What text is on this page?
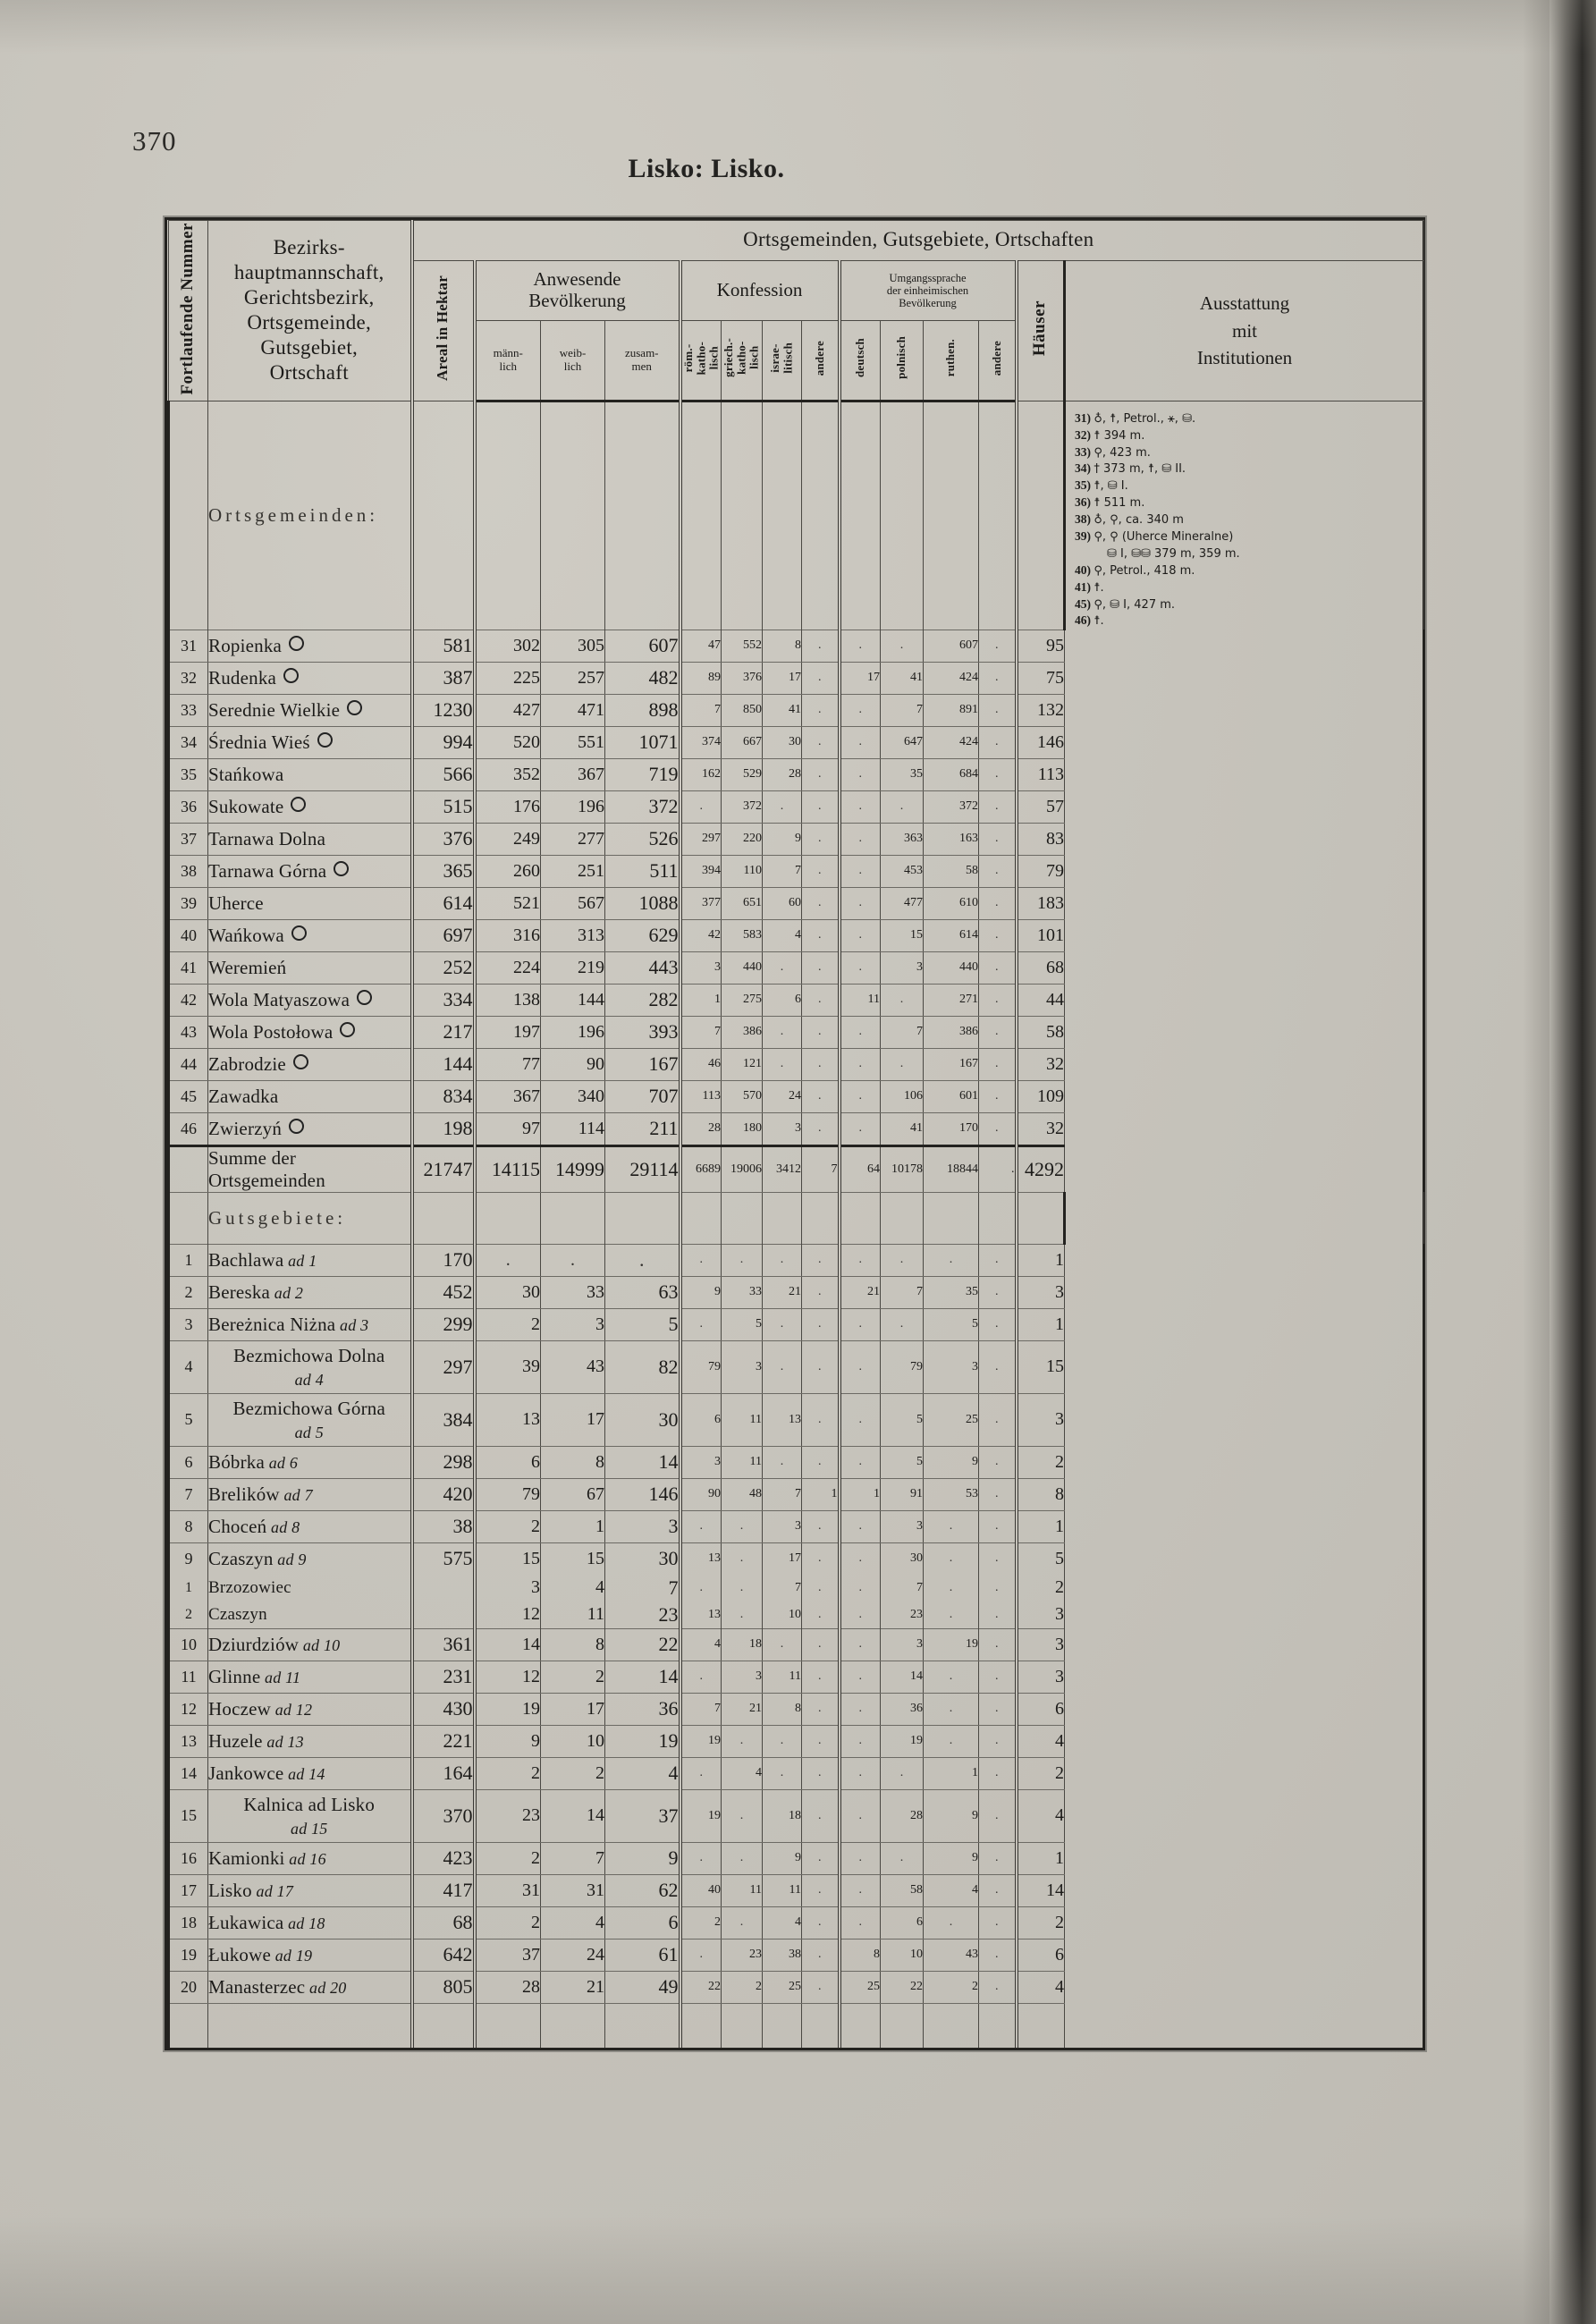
370
Lisko: Lisko.
Fortlaufende Nummer	Bezirks-
hauptmannschaft,
Gerichtsbezirk,
Ortsgemeinde,
Gutsgebiet,
Ortschaft
	Ortsgemeinden, Gutsgebiete, Ortschaften
Areal in Hektar	Anwesende
Bevölkerung	Konfession	
Umgangssprache
der einheimischen
Bevölkerung	Häuser	Ausstattung
mit
Institutionen

männ-
lich

weib-
lich

zusam-
men	röm.-
katho-
lisch	griech.-
katho-
lisch	israe-
litisch	andere	deutsch	polnisch	ruthen.	andere
	Ortsgemeinden:														
31) ♁, ☨, Petrol., ⚹, ⛁.
32) ☨ 394 m.
33) ⚲, 423 m.
34) † 373 m, ☨, ⛁ II.
35) ☨, ⛁ I.
36) ☨ 511 m.
38) ♁, ⚲, ca. 340 m
39) ⚲, ⚲ (Uherce Mineralne)
⛁ I, ⛁⛁ 379 m, 359 m.
40) ⚲, Petrol., 418 m.
41) ☨.
45) ⚲, ⛁ I, 427 m.
46) ☨.

31	Ropienka	581	302	305	607	47	552	8	.	.	.	607	.	95	
32	Rudenka	387	225	257	482	89	376	17	.	17	41	424	.	75	
33	Serednie Wielkie	1230	427	471	898	7	850	41	.	.	7	891	.	132	
34	Średnia Wieś	994	520	551	1071	374	667	30	.	.	647	424	.	146	
35	Stańkowa	566	352	367	719	162	529	28	.	.	35	684	.	113	
36	Sukowate	515	176	196	372	.	372	.	.	.	.	372	.	57	
37	Tarnawa Dolna	376	249	277	526	297	220	9	.	.	363	163	.	83	
38	Tarnawa Górna	365	260	251	511	394	110	7	.	.	453	58	.	79	
39	Uherce	614	521	567	1088	377	651	60	.	.	477	610	.	183	
40	Wańkowa	697	316	313	629	42	583	4	.	.	15	614	.	101	
41	Weremień	252	224	219	443	3	440	.	.	.	3	440	.	68	
42	Wola Matyaszowa	334	138	144	282	1	275	6	.	11	.	271	.	44	
43	Wola Postołowa	217	197	196	393	7	386	.	.	.	7	386	.	58	
44	Zabrodzie	144	77	90	167	46	121	.	.	.	.	167	.	32	
45	Zawadka	834	367	340	707	113	570	24	.	.	106	601	.	109	
46	Zwierzyń	198	97	114	211	28	180	3	.	.	41	170	.	32	
	Summe der Ortsgemeinden	21747	14115	14999	29114	6689	19006	3412	7	64	10178	18844	.	4292	
	Gutsgebiete:														
1	Bachlawa ad 1	170	.	.	.	.	.	.	.	.	.	.	.	1	
2	Bereska ad 2	452	30	33	63	9	33	21	.	21	7	35	.	3	
3	Bereżnica Niżna ad 3	299	2	3	5	.	5	.	.	.	.	5	.	1	
4	Bezmichowa Dolna
ad 4	297	39	43	82	79	3	.	.	.	79	3	.	15	
5	Bezmichowa Górna
ad 5	384	13	17	30	6	11	13	.	.	5	25	.	3	
6	Bóbrka ad 6	298	6	8	14	3	11	.	.	.	5	9	.	2	
7	Brelików ad 7	420	79	67	146	90	48	7	1	1	91	53	.	8	
8	Choceń ad 8	38	2	1	3	.	.	3	.	.	3	.	.	1	
9	Czaszyn ad 9	575	15	15	30	13	.	17	.	.	30	.	.	5	
1	Brzozowiec		3	4	7	.	.	7	.	.	7	.	.	2	
2	Czaszyn		12	11	23	13	.	10	.	.	23	.	.	3	
10	Dziurdziów ad 10	361	14	8	22	4	18	.	.	.	3	19	.	3	
11	Glinne ad 11	231	12	2	14	.	3	11	.	.	14	.	.	3	
12	Hoczew ad 12	430	19	17	36	7	21	8	.	.	36	.	.	6	
13	Huzele ad 13	221	9	10	19	19	.	.	.	.	19	.	.	4	
14	Jankowce ad 14	164	2	2	4	.	4	.	.	.	.	1	.	2	
15	Kalnica ad Lisko
ad 15	370	23	14	37	19	.	18	.	.	28	9	.	4	
16	Kamionki ad 16	423	2	7	9	.	.	9	.	.	.	9	.	1	
17	Lisko ad 17	417	31	31	62	40	11	11	.	.	58	4	.	14	
18	Łukawica ad 18	68	2	4	6	2	.	4	.	.	6	.	.	2	
19	Łukowe ad 19	642	37	24	61	.	23	38	.	8	10	43	.	6	
20	Manasterzec ad 20	805	28	21	49	22	2	25	.	25	22	2	.	4	
